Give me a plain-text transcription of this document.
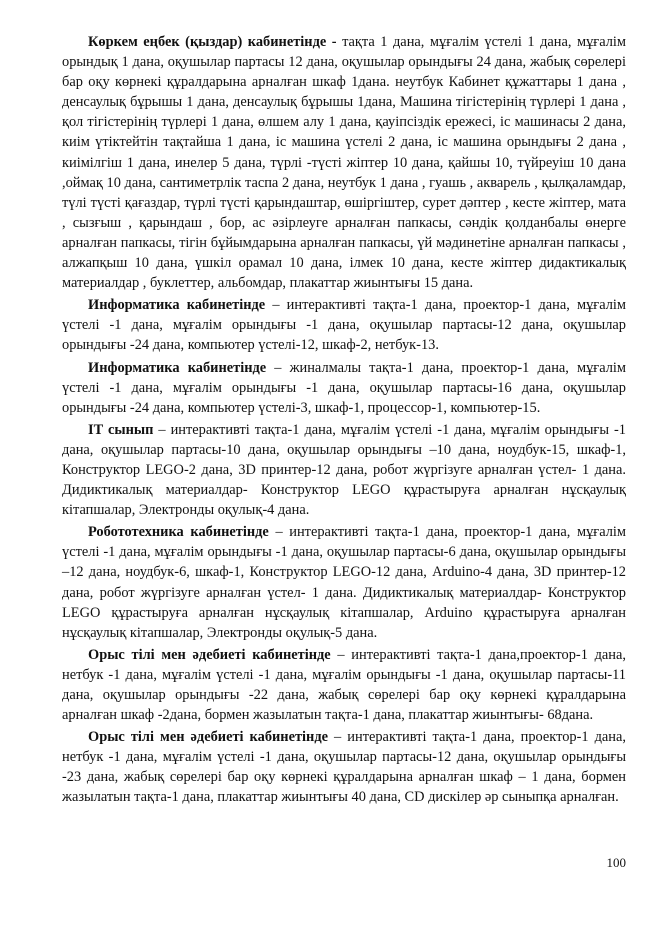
Көркем еңбек (қыздар) кабинетінде - тақта 1 дана, мұғалім үстелі 1 дана, мұғалім орындық 1 дана, оқушылар партасы 12 дана, оқушылар орындығы 24 дана, жабық сөрелері бар оқу көрнекі құралдарына арналған шкаф 1дана. неутбук Кабинет құжаттары 1 дана , денсаулық бұрышы 1 дана, денсаулық бұрышы 1дана, Машина тігістерінің түрлері 1 дана , қол тігістерінің түрлері 1 дана, өлшем алу 1 дана, қауіпсіздік ережесі, іс машинасы 2 дана, киім үтіктейтін тақтайша 1 дана, іс машина үстелі 2 дана, іс машина орындығы 2 дана , киімілгіш 1 дана, инелер 5 дана, түрлі -түсті жіптер 10 дана, қайшы 10, түйреуіш 10 дана ,оймақ 10 дана, сантиметрлік таспа 2 дана, неутбук 1 дана , гуашь , акварель , қылқаламдар, түлі түсті қағаздар, түрлі түсті қарындаштар, өшіргіштер, сурет дәптер , кесте жіптер, мата , сызғыш , қарындаш , бор, ас әзірлеуге арналған папкасы, сәндік қолданбалы өнерге арналған папкасы, тігін бұйымдарына арналған папкасы, үй мәдинетіне арналған папкасы , алжапқыш 10 дана, үшкіл орамал 10 дана, ілмек 10 дана, кесте жіптер дидактикалық материалдар , буклеттер, альбомдар, плакаттар жиынтығы 15 дана.

Информатика кабинетінде – интерактивті тақта-1 дана, проектор-1 дана, мұғалім үстелі -1 дана, мұғалім орындығы -1 дана, оқушылар партасы-12 дана, оқушылар орындығы -24 дана, компьютер үстелі-12, шкаф-2, нетбук-13.

Информатика кабинетінде – жиналмалы тақта-1 дана, проектор-1 дана, мұғалім үстелі -1 дана, мұғалім орындығы -1 дана, оқушылар партасы-16 дана, оқушылар орындығы -24 дана, компьютер үстелі-3, шкаф-1, процессор-1, компьютер-15.

IT сынып – интерактивті тақта-1 дана, мұғалім үстелі -1 дана, мұғалім орындығы -1 дана, оқушылар партасы-10 дана, оқушылар орындығы –10 дана, ноудбук-15, шкаф-1, Конструктор LEGO-2 дана, 3D принтер-12 дана, робот жүргізуге арналған үстел- 1 дана. Дидиктикалық материалдар- Конструктор LEGO құрастыруға арналған нұсқаулық кітапшалар, Электронды оқулық-4 дана.

Робототехника кабинетінде – интерактивті тақта-1 дана, проектор-1 дана, мұғалім үстелі -1 дана, мұғалім орындығы -1 дана, оқушылар партасы-6 дана, оқушылар орындығы –12 дана, ноудбук-6, шкаф-1, Конструктор LEGO-12 дана, Arduino-4 дана, 3D принтер-12 дана, робот жүргізуге арналған үстел- 1 дана. Дидиктикалық материалдар- Конструктор LEGO құрастыруға арналған нұсқаулық кітапшалар, Arduino құрастыруға арналған нұсқаулық кітапшалар, Электронды оқулық-5 дана.

Орыс тілі мен әдебиеті кабинетінде – интерактивті тақта-1 дана,проектор-1 дана, нетбук -1 дана, мұғалім үстелі -1 дана, мұғалім орындығы -1 дана, оқушылар партасы-11 дана, оқушылар орындығы -22 дана, жабық сөрелері бар оқу көрнекі құралдарына арналған шкаф -2дана, бормен жазылатын тақта-1 дана, плакаттар жиынтығы- 68дана.

Орыс тілі мен әдебиеті кабинетінде – интерактивті тақта-1 дана, проектор-1 дана, нетбук -1 дана, мұғалім үстелі -1 дана, оқушылар партасы-12 дана, оқушылар орындығы -23 дана, жабық сөрелері бар оқу көрнекі құралдарына арналған шкаф – 1 дана, бормен жазылатын тақта-1 дана, плакаттар жиынтығы 40 дана, CD дискілер әр сыныпқа арналған.

100
